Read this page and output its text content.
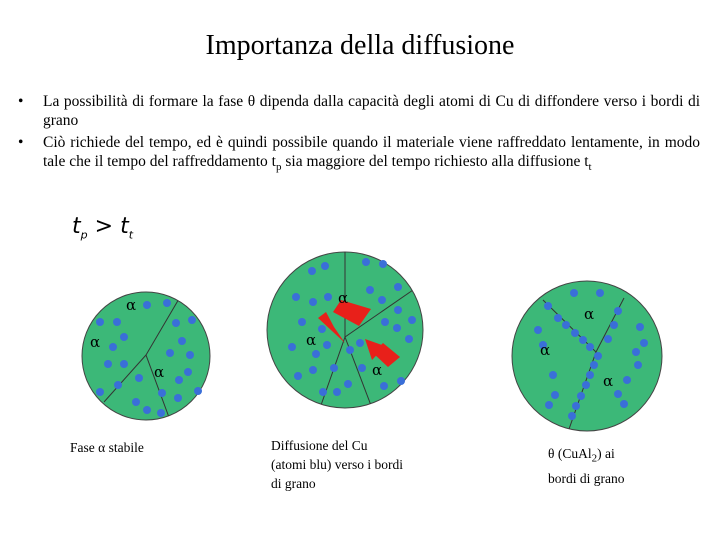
Importanza della diffusione
•	La possibilità di formare la fase θ dipenda dalla capacità degli atomi di Cu di diffondere verso i bordi di grano
•	Ciò richiede del tempo, ed è quindi possibile quando il materiale viene raffreddato lentamente, in modo tale che il tempo del raffreddamento $t_p$ sia maggiore del tempo richiesto alla diffusione $t_t$
$t_p > t_t$
α
α
α
α
α
α
α
α
α
Fase α stabile	Diffusione del Cu
(atomi blu) verso i bordi
di grano
θ (CuAl$_2$) ai
bordi di grano
